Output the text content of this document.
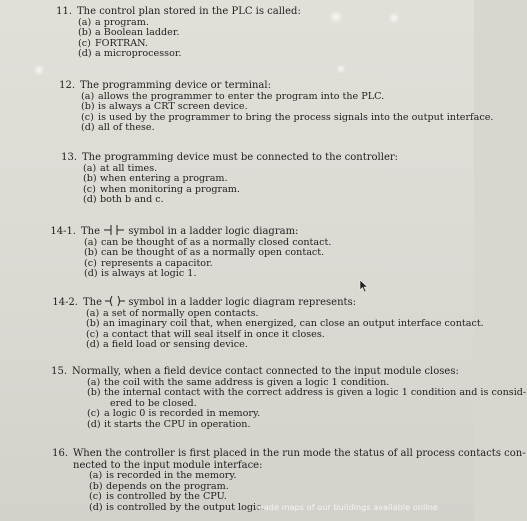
11. The control plan stored in the PLC is called:
(a) a program.
(b) a Boolean ladder.
(c) FORTRAN.
(d) a microprocessor.
12. The programming device or terminal:
(a) allows the programmer to enter the program into the PLC.
(b) is always a CRT screen device.
(c) is used by the programmer to bring the process signals into the output interface.
(d) all of these.
13. The programming device must be connected to the controller:
(a) at all times.
(b) when entering a program.
(c) when monitoring a program.
(d) both b and c.
14-1. The	symbol in a ladder logic diagram:
(a) can be thought of as a normally closed contact.
(b) can be thought of as a normally open contact.
(c) represents a capacitor.
(d) is always at logic 1.
14-2. The	symbol in a ladder logic diagram represents:
(a) a set of normally open contacts.
(b) an imaginary coil that, when energized, can close an output interface contact.
(c) a contact that will seal itself in once it closes.
(d) a field load or sensing device.
15. Normally, when a field device contact connected to the input module closes:
(a) the coil with the same address is given a logic 1 condition.
(b) the internal contact with the correct address is given a logic 1 condition and is consid-
ered to be closed.
(c) a logic 0 is recorded in memory.
(d) it starts the CPU in operation.
16. When the controller is first placed in the run mode the status of all process contacts con-
nected to the input module interface:
(a) is recorded in the memory.
(b) depends on the program.
(c) is controlled by the CPU.
(d) is controlled by the output logic.
made maps of our buildings available online
